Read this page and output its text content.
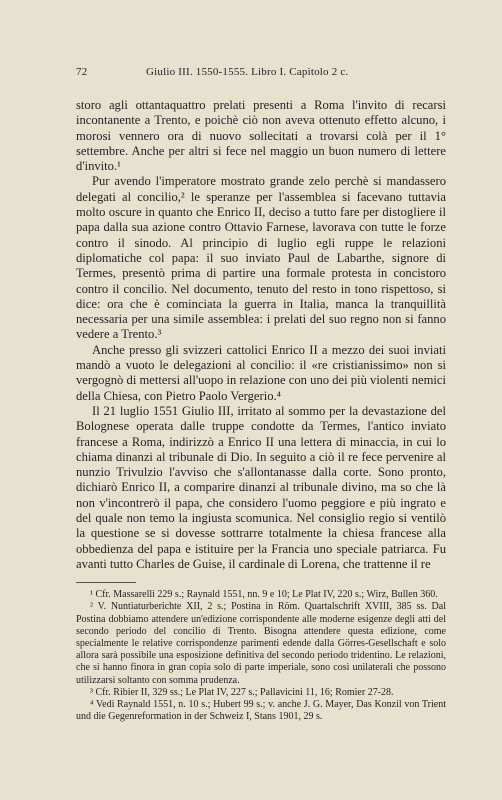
72	Giulio III. 1550-1555. Libro I. Capitolo 2 c.

storo agli ottantaquattro prelati presenti a Roma l'invito di recarsi incontanente a Trento, e poichè ciò non aveva ottenuto effetto alcuno, i morosi vennero ora di nuovo sollecitati a trovarsi colà per il 1° settembre. Anche per altri si fece nel maggio un buon numero di lettere d'invito.¹

Pur avendo l'imperatore mostrato grande zelo perchè si mandassero delegati al concilio,² le speranze per l'assemblea si facevano tuttavia molto oscure in quanto che Enrico II, deciso a tutto fare per distogliere il papa dalla sua azione contro Ottavio Farnese, lavorava con tutte le forze contro il sinodo. Al principio di luglio egli ruppe le relazioni diplomatiche col papa: il suo inviato Paul de Labarthe, signore di Termes, presentò prima di partire una formale protesta in concistoro contro il concilio. Nel documento, tenuto del resto in tono rispettoso, si dice: ora che è cominciata la guerra in Italia, manca la tranquillità necessaria per una simile assemblea: i prelati del suo regno non si fanno vedere a Trento.³

Anche presso gli svizzeri cattolici Enrico II a mezzo dei suoi inviati mandò a vuoto le delegazioni al concilio: il «re cristianissimo» non si vergognò di mettersi all'uopo in relazione con uno dei più violenti nemici della Chiesa, con Pietro Paolo Vergerio.⁴

Il 21 luglio 1551 Giulio III, irritato al sommo per la devastazione del Bolognese operata dalle truppe condotte da Termes, l'antico inviato francese a Roma, indirizzò a Enrico II una lettera di minaccia, in cui lo chiama dinanzi al tribunale di Dio. In seguito a ciò il re fece pervenire al nunzio Trivulzio l'avviso che s'allontanasse dalla corte. Sono pronto, dichiarò Enrico II, a comparire dinanzi al tribunale divino, ma so che là non v'incontrerò il papa, che considero l'uomo peggiore e più ingrato e del quale non temo la ingiusta scomunica. Nel consiglio regio si ventilò la questione se si dovesse sottrarre totalmente la chiesa francese alla obbedienza del papa e istituire per la Francia uno speciale patriarca. Fu avanti tutto Charles de Guise, il cardinale di Lorena, che trattenne il re

¹ Cfr. Massarelli 229 s.; Raynald 1551, nn. 9 e 10; Le Plat IV, 220 s.; Wirz, Bullen 360.

² V. Nuntiaturberichte XII, 2 s.; Postina in Röm. Quartalschrift XVIII, 385 ss. Dal Postina dobbiamo attendere un'edizione corrispondente alle moderne esigenze degli atti del secondo periodo del concilio di Trento. Bisogna attendere questa edizione, come specialmente le relative corrispondenze parimenti edende dalla Görres-Gesellschaft e solo allora sarà possibile una esposizione definitiva del secondo periodo tridentino. Le relazioni, che si hanno finora in gran copia solo di parte imperiale, sono così unilaterali che possono utilizzarsi soltanto con somma prudenza.

³ Cfr. Ribier II, 329 ss.; Le Plat IV, 227 s.; Pallavicini 11, 16; Romier 27-28.

⁴ Vedi Raynald 1551, n. 10 s.; Hubert 99 s.; v. anche J. G. Mayer, Das Konzil von Trient und die Gegenreformation in der Schweiz I, Stans 1901, 29 s.
